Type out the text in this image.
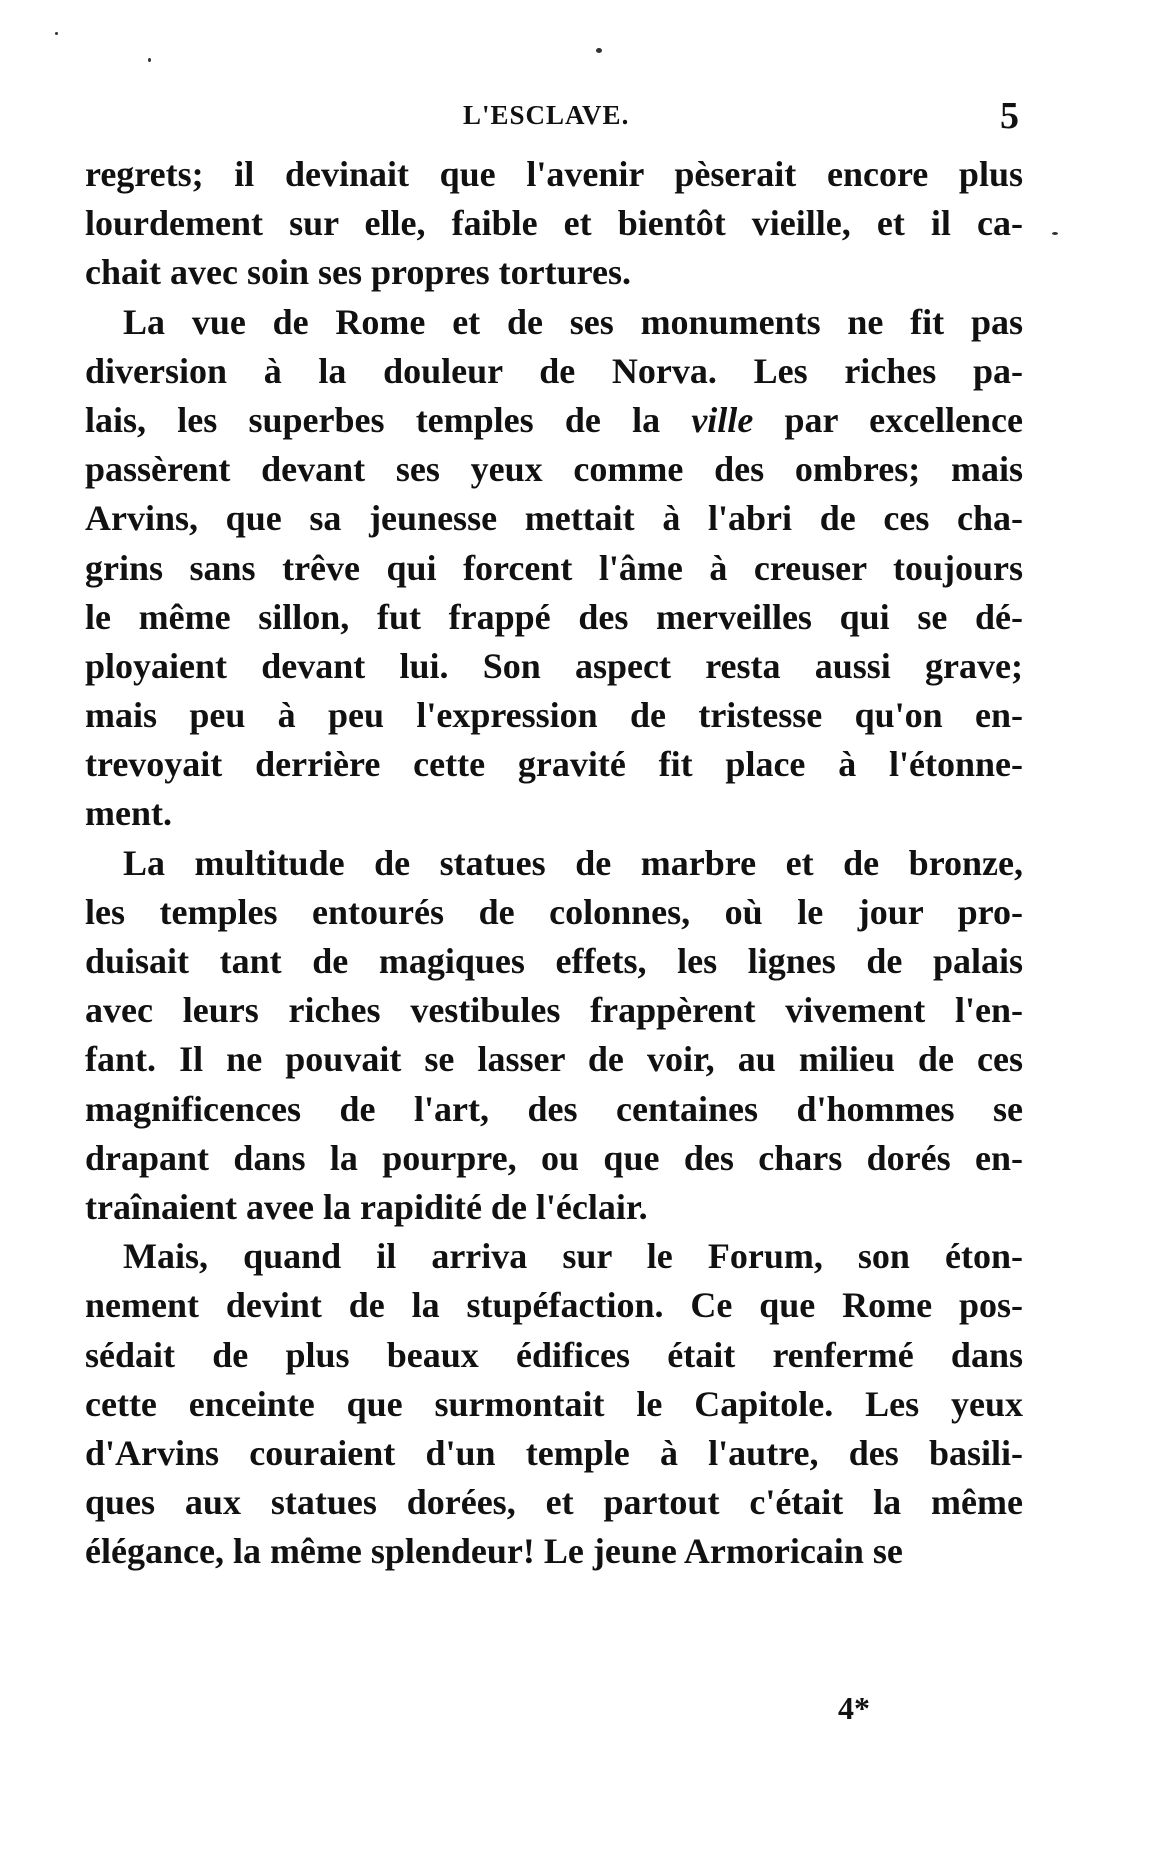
L'ESCLAVE.	5
regrets; il devinait que l'avenir pèserait encore plus
lourdement sur elle, faible et bientôt vieille, et il ca-
chait avec soin ses propres tortures.
La vue de Rome et de ses monuments ne fit pas
diversion à la douleur de Norva. Les riches pa-
lais, les superbes temples de la ville par excellence
passèrent devant ses yeux comme des ombres; mais
Arvins, que sa jeunesse mettait à l'abri de ces cha-
grins sans trêve qui forcent l'âme à creuser toujours
le même sillon, fut frappé des merveilles qui se dé-
ployaient devant lui. Son aspect resta aussi grave;
mais peu à peu l'expression de tristesse qu'on en-
trevoyait derrière cette gravité fit place à l'étonne-
ment.
La multitude de statues de marbre et de bronze,
les temples entourés de colonnes, où le jour pro-
duisait tant de magiques effets, les lignes de palais
avec leurs riches vestibules frappèrent vivement l'en-
fant. Il ne pouvait se lasser de voir, au milieu de ces
magnificences de l'art, des centaines d'hommes se
drapant dans la pourpre, ou que des chars dorés en-
traînaient avee la rapidité de l'éclair.
Mais, quand il arriva sur le Forum, son éton-
nement devint de la stupéfaction. Ce que Rome pos-
sédait de plus beaux édifices était renfermé dans
cette enceinte que surmontait le Capitole. Les yeux
d'Arvins couraient d'un temple à l'autre, des basili-
ques aux statues dorées, et partout c'était la même
élégance, la même splendeur! Le jeune Armoricain se
4*
